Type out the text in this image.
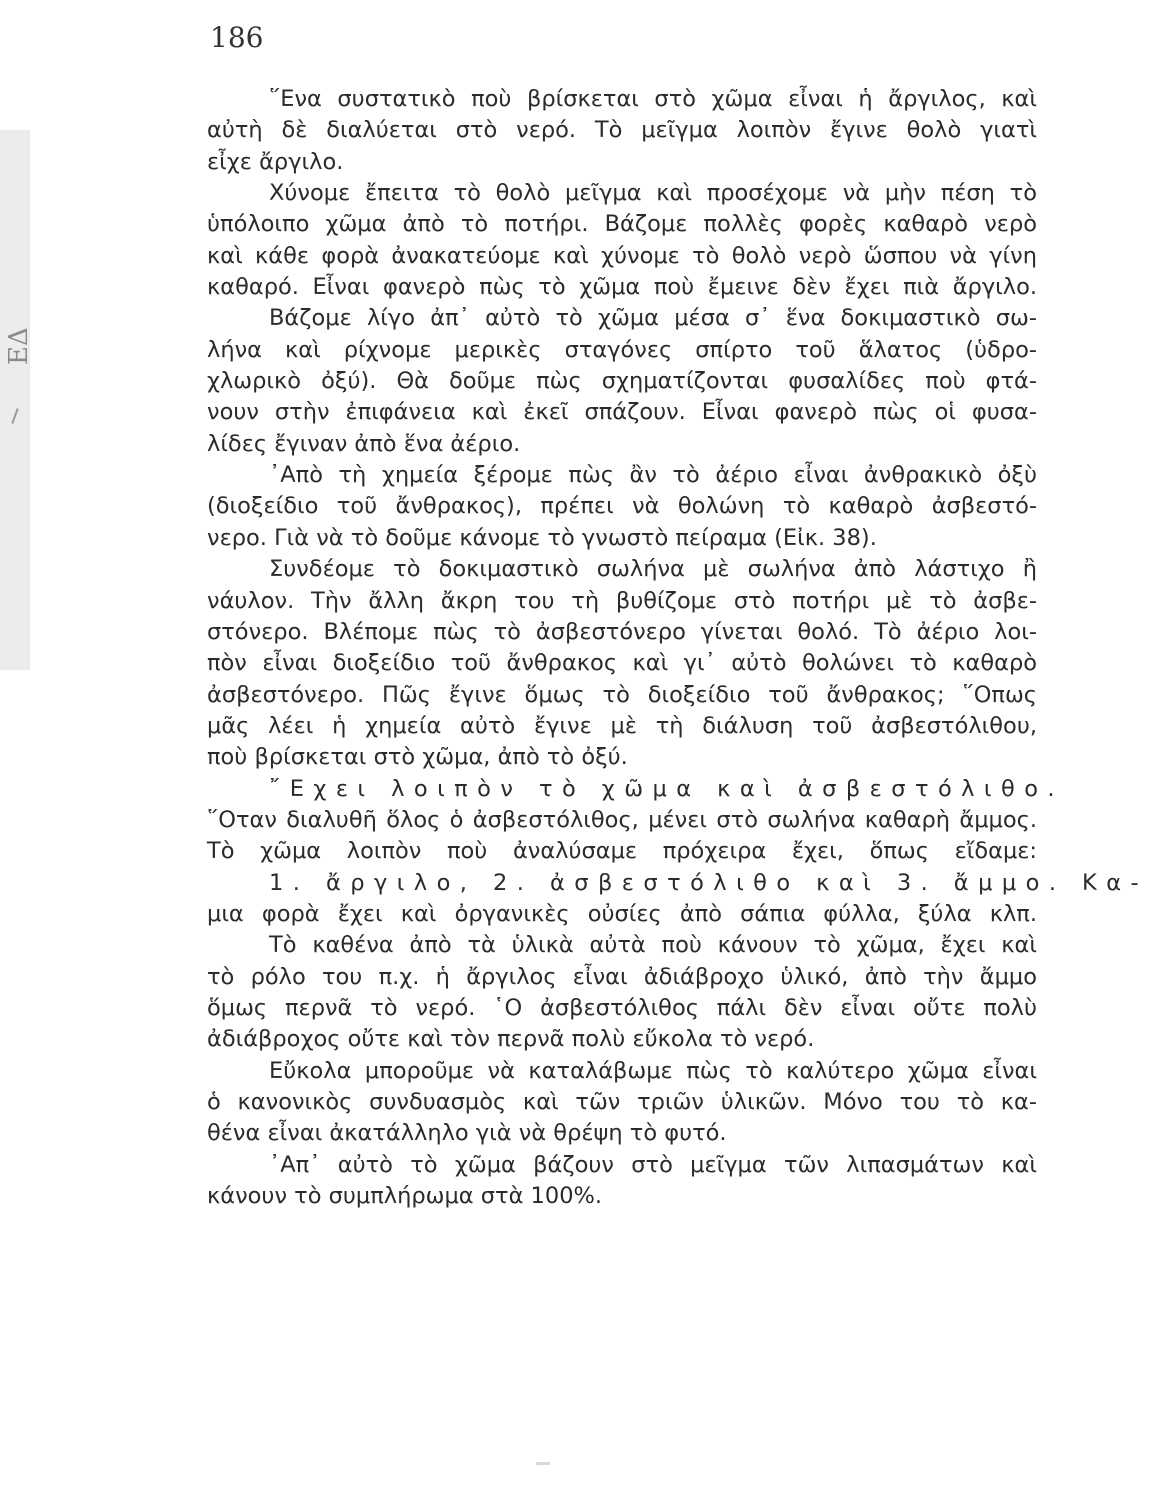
ΕΔ
186

῞Ενα συστατικὸ ποὺ βρίσκεται στὸ χῶμα εἶναι ἡ ἄργιλος, καὶ
αὐτὴ δὲ διαλύεται στὸ νερό. Τὸ μεῖγμα λοιπὸν ἔγινε θολὸ γιατὶ
εἶχε ἄργιλο.

Χύνομε ἔπειτα τὸ θολὸ μεῖγμα καὶ προσέχομε νὰ μὴν πέση τὸ
ὑπόλοιπο χῶμα ἀπὸ τὸ ποτήρι. Βάζομε πολλὲς φορὲς καθαρὸ νερὸ
καὶ κάθε φορὰ ἀνακατεύομε καὶ χύνομε τὸ θολὸ νερὸ ὥσπου νὰ γίνη
καθαρό. Εἶναι φανερὸ πὼς τὸ χῶμα ποὺ ἔμεινε δὲν ἔχει πιὰ ἄργιλο.

Βάζομε λίγο ἀπ᾿ αὐτὸ τὸ χῶμα μέσα σ᾿ ἕνα δοκιμαστικὸ σω-
λήνα καὶ ρίχνομε μερικὲς σταγόνες σπίρτο τοῦ ἅλατος (ὑδρο-
χλωρικὸ ὀξύ). Θὰ δοῦμε πὼς σχηματίζονται φυσαλίδες ποὺ φτά-
νουν στὴν ἐπιφάνεια καὶ ἐκεῖ σπάζουν. Εἶναι φανερὸ πὼς οἱ φυσα-
λίδες ἔγιναν ἀπὸ ἕνα ἀέριο.

᾿Απὸ τὴ χημεία ξέρομε πὼς ἂν τὸ ἀέριο εἶναι ἀνθρακικὸ ὀξὺ
(διοξείδιο τοῦ ἄνθρακος), πρέπει νὰ θολώνη τὸ καθαρὸ ἀσβεστό-
νερο. Γιὰ νὰ τὸ δοῦμε κάνομε τὸ γνωστὸ πείραμα (Εἰκ. 38).

Συνδέομε τὸ δοκιμαστικὸ σωλήνα μὲ σωλήνα ἀπὸ λάστιχο ἢ
νάυλον. Τὴν ἄλλη ἄκρη του τὴ βυθίζομε στὸ ποτήρι μὲ τὸ ἀσβε-
στόνερο. Βλέπομε πὼς τὸ ἀσβεστόνερο γίνεται θολό. Τὸ ἀέριο λοι-
πὸν εἶναι διοξείδιο τοῦ ἄνθρακος καὶ γι᾿ αὐτὸ θολώνει τὸ καθαρὸ
ἀσβεστόνερο. Πῶς ἔγινε ὅμως τὸ διοξείδιο τοῦ ἄνθρακος; ῞Οπως
μᾶς λέει ἡ χημεία αὐτὸ ἔγινε μὲ τὴ διάλυση τοῦ ἀσβεστόλιθου,
ποὺ βρίσκεται στὸ χῶμα, ἀπὸ τὸ ὀξύ.

῎Εχει λοιπὸν τὸ χῶμα καὶ ἀσβεστόλιθο.

῞Οταν διαλυθῆ ὅλος ὁ ἀσβεστόλιθος, μένει στὸ σωλήνα καθαρὴ ἄμμος.
Τὸ χῶμα λοιπὸν ποὺ ἀναλύσαμε πρόχειρα ἔχει, ὅπως εἴδαμε:

1. ἄργιλο, 2. ἀσβεστόλιθο καὶ 3. ἄμμο. Κα-
μια φορὰ ἔχει καὶ ὀργανικὲς οὐσίες ἀπὸ σάπια φύλλα, ξύλα κλπ.

Τὸ καθένα ἀπὸ τὰ ὑλικὰ αὐτὰ ποὺ κάνουν τὸ χῶμα, ἔχει καὶ
τὸ ρόλο του π.χ. ἡ ἄργιλος εἶναι ἀδιάβροχο ὑλικό, ἀπὸ τὴν ἄμμο
ὅμως περνᾶ τὸ νερό. ῾Ο ἀσβεστόλιθος πάλι δὲν εἶναι οὔτε πολὺ
ἀδιάβροχος οὔτε καὶ τὸν περνᾶ πολὺ εὔκολα τὸ νερό.

Εὔκολα μποροῦμε νὰ καταλάβωμε πὼς τὸ καλύτερο χῶμα εἶναι
ὁ κανονικὸς συνδυασμὸς καὶ τῶν τριῶν ὑλικῶν. Μόνο του τὸ κα-
θένα εἶναι ἀκατάλληλο γιὰ νὰ θρέψη τὸ φυτό.

᾿Απ᾿ αὐτὸ τὸ χῶμα βάζουν στὸ μεῖγμα τῶν λιπασμάτων καὶ
κάνουν τὸ συμπλήρωμα στὰ 100%.
